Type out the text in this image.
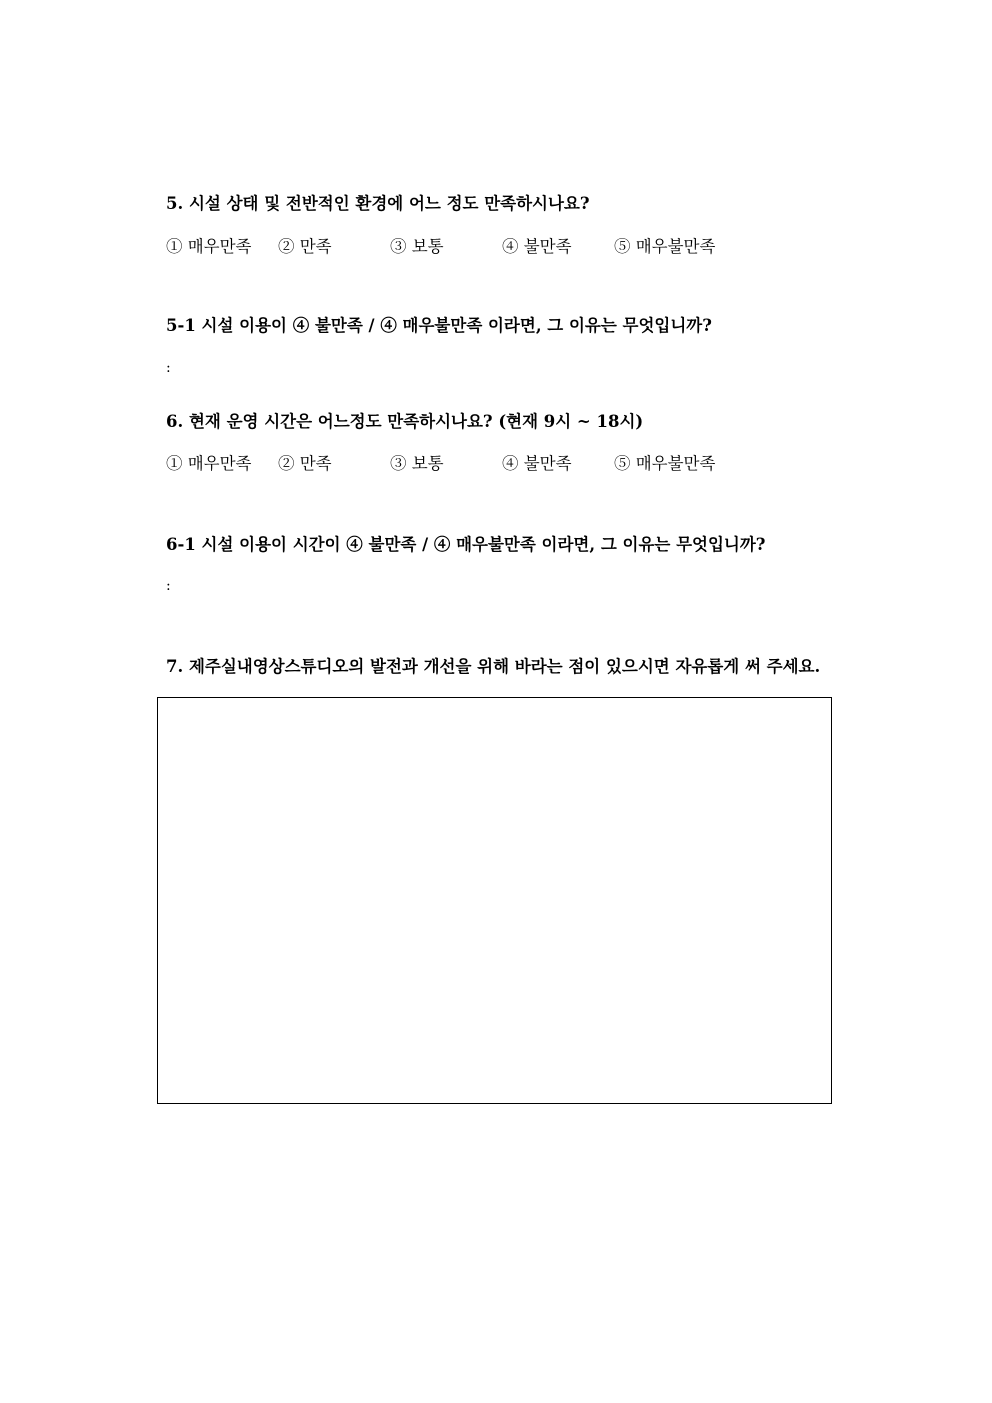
5. 시설 상태 및 전반적인 환경에 어느 정도 만족하시나요?
① 매우만족 ② 만족	③ 보통	④ 불만족	⑤ 매우불만족
5-1 시설 이용이 ④ 불만족 / ④ 매우불만족 이라면, 그 이유는 무엇입니까?
:
6. 현재 운영 시간은 어느정도 만족하시나요? (현재 9시 ~ 18시)
① 매우만족 ② 만족	③ 보통	④ 불만족	⑤ 매우불만족
6-1 시설 이용이 시간이 ④ 불만족 / ④ 매우불만족 이라면, 그 이유는 무엇입니까?
:
7. 제주실내영상스튜디오의 발전과 개선을 위해 바라는 점이 있으시면 자유롭게 써 주세요.
